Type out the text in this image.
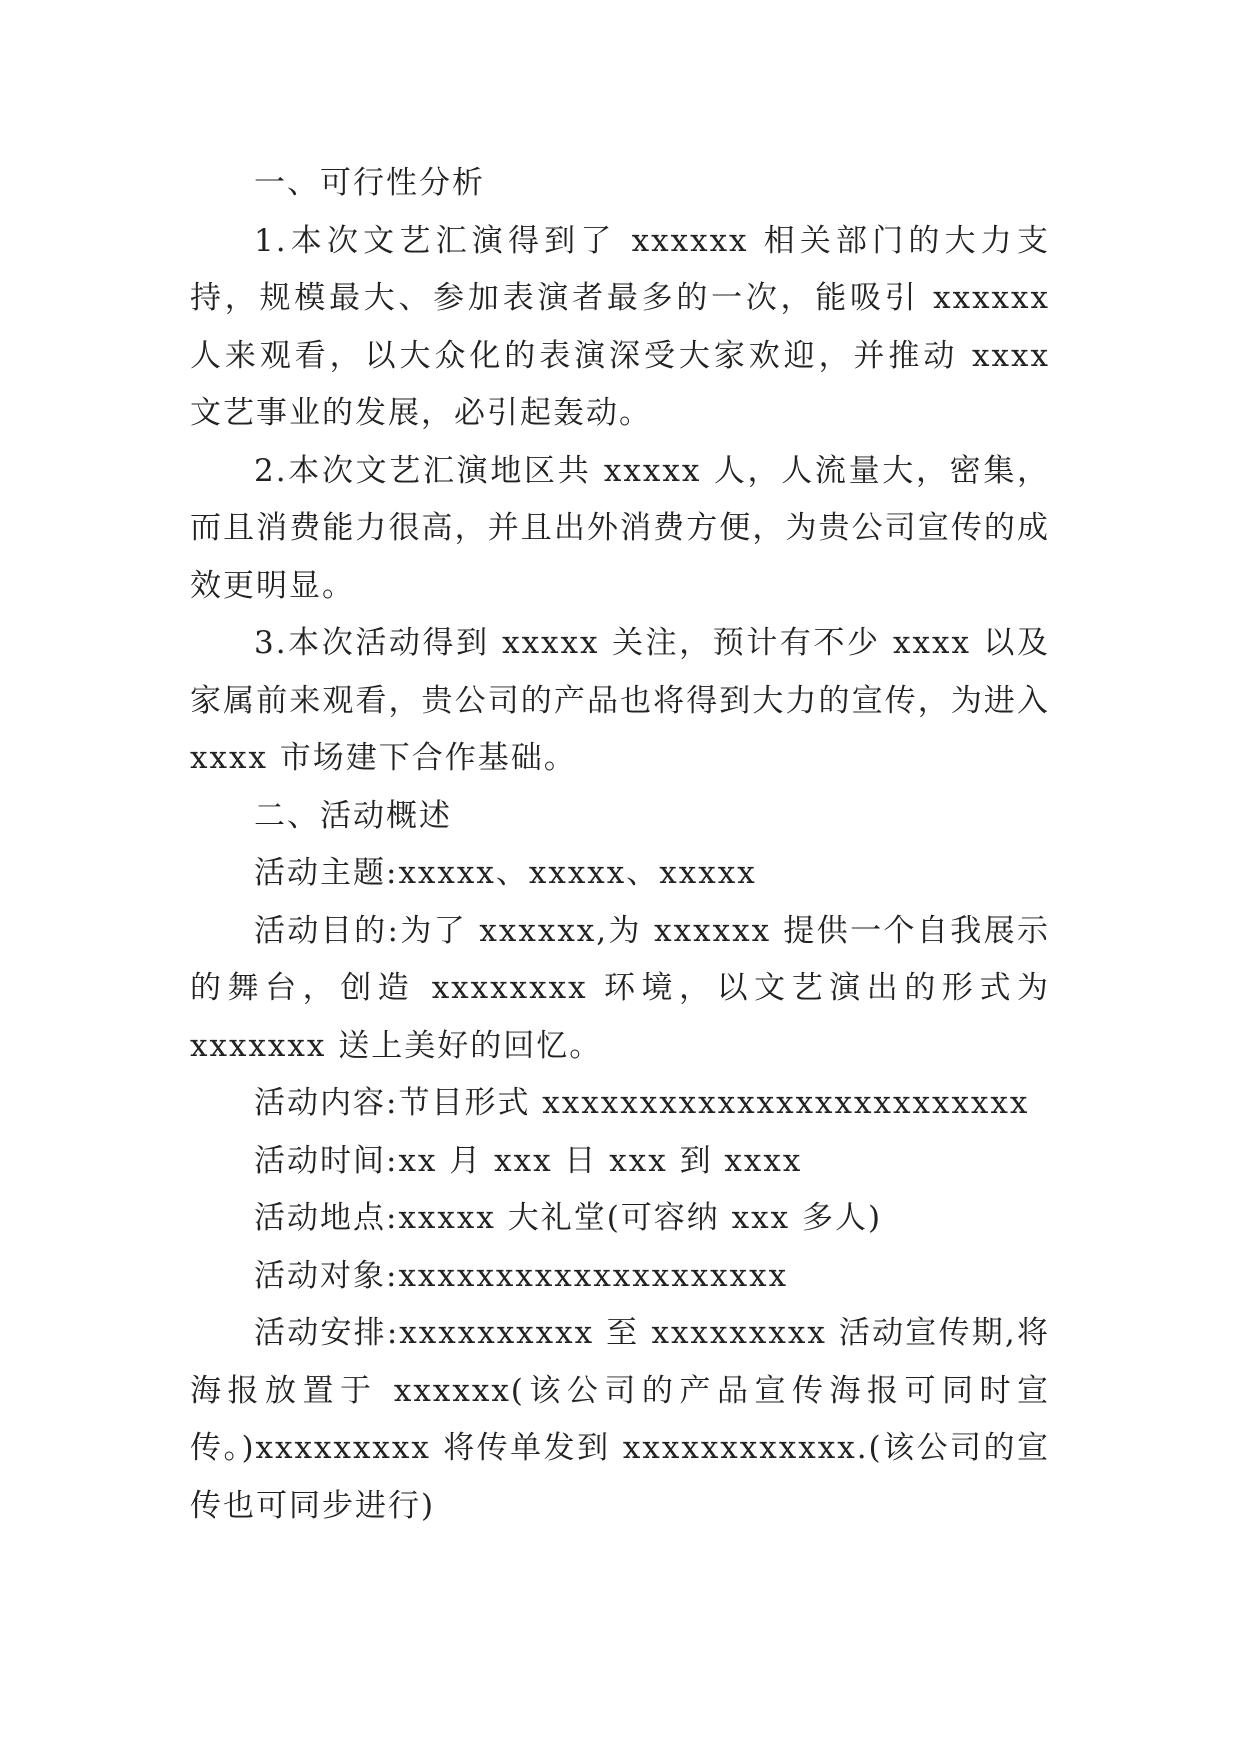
一、可行性分析

1.本次文艺汇演得到了 xxxxxx 相关部门的大力支持，规模最大、参加表演者最多的一次，能吸引 xxxxxx 人来观看，以大众化的表演深受大家欢迎，并推动 xxxx 文艺事业的发展，必引起轰动。

2.本次文艺汇演地区共 xxxxx 人，人流量大，密集，而且消费能力很高，并且出外消费方便，为贵公司宣传的成效更明显。

3.本次活动得到 xxxxx 关注，预计有不少 xxxx 以及家属前来观看，贵公司的产品也将得到大力的宣传，为进入 xxxx 市场建下合作基础。

二、活动概述

活动主题:xxxxx、xxxxx、xxxxx

活动目的:为了 xxxxxx,为 xxxxxx 提供一个自我展示的舞台，创造 xxxxxxxx 环境，以文艺演出的形式为 xxxxxxx 送上美好的回忆。

活动内容:节目形式 xxxxxxxxxxxxxxxxxxxxxxxxx

活动时间:xx 月 xxx 日 xxx 到 xxxx

活动地点:xxxxx 大礼堂(可容纳 xxx 多人)

活动对象:xxxxxxxxxxxxxxxxxxxx

活动安排:xxxxxxxxxx 至 xxxxxxxxx 活动宣传期,将海报放置于 xxxxxx(该公司的产品宣传海报可同时宣传。)xxxxxxxxx 将传单发到 xxxxxxxxxxxx.(该公司的宣传也可同步进行)
